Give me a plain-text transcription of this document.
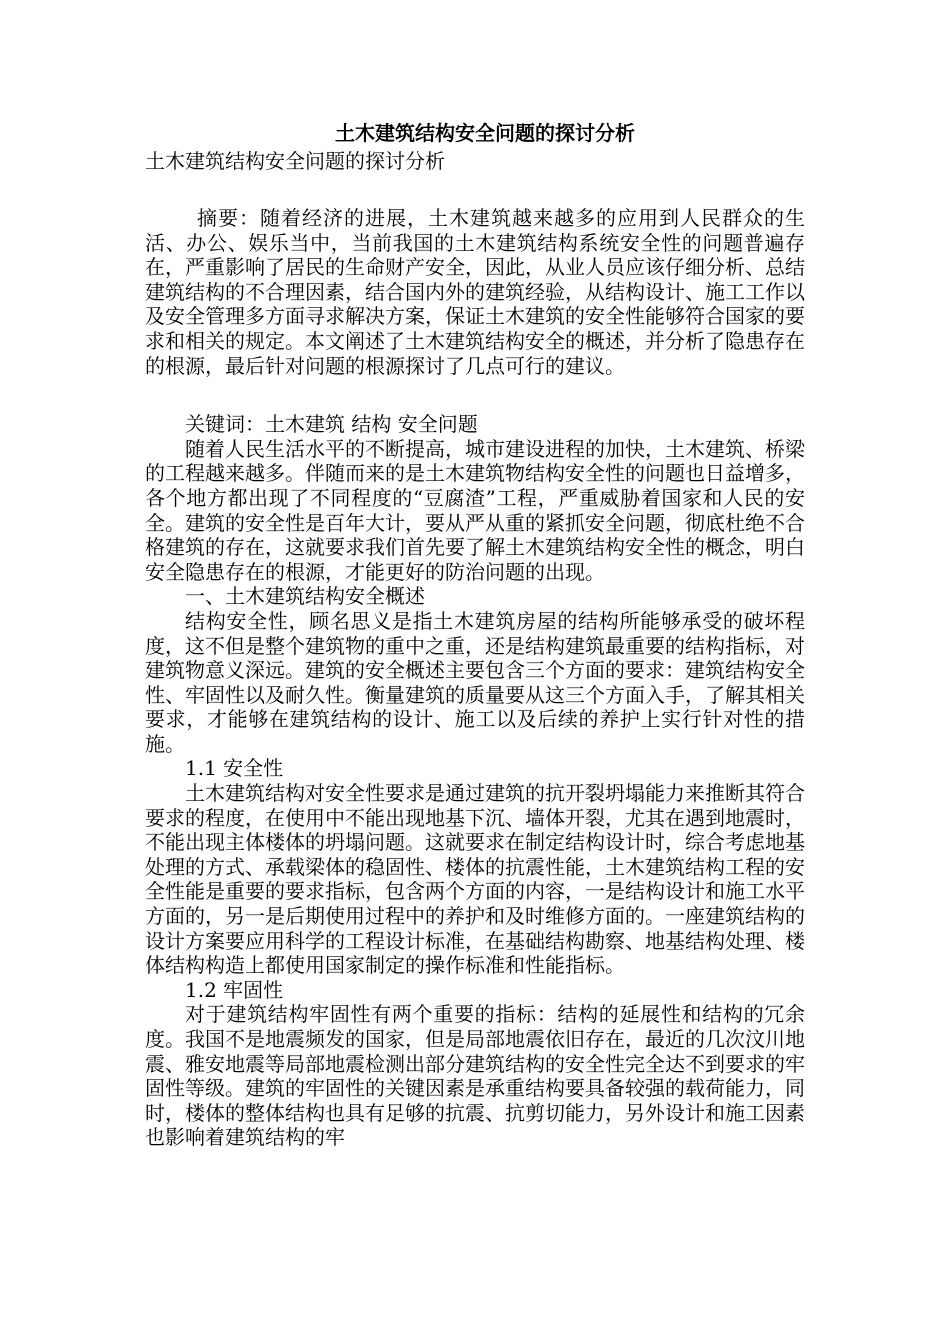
土木建筑结构安全问题的探讨分析

土木建筑结构安全问题的探讨分析

摘要：随着经济的进展，土木建筑越来越多的应用到人民群众的生活、办公、娱乐当中，当前我国的土木建筑结构系统安全性的问题普遍存在，严重影响了居民的生命财产安全，因此，从业人员应该仔细分析、总结建筑结构的不合理因素，结合国内外的建筑经验，从结构设计、施工工作以及安全管理多方面寻求解决方案，保证土木建筑的安全性能够符合国家的要求和相关的规定。本文阐述了土木建筑结构安全的概述，并分析了隐患存在的根源，最后针对问题的根源探讨了几点可行的建议。

关键词：土木建筑 结构 安全问题

随着人民生活水平的不断提高，城市建设进程的加快，土木建筑、桥梁的工程越来越多。伴随而来的是土木建筑物结构安全性的问题也日益增多，各个地方都出现了不同程度的“豆腐渣”工程，严重威胁着国家和人民的安全。建筑的安全性是百年大计，要从严从重的紧抓安全问题，彻底杜绝不合格建筑的存在，这就要求我们首先要了解土木建筑结构安全性的概念，明白安全隐患存在的根源，才能更好的防治问题的出现。

一、土木建筑结构安全概述

结构安全性，顾名思义是指土木建筑房屋的结构所能够承受的破坏程度，这不但是整个建筑物的重中之重，还是结构建筑最重要的结构指标，对建筑物意义深远。建筑的安全概述主要包含三个方面的要求：建筑结构安全性、牢固性以及耐久性。衡量建筑的质量要从这三个方面入手，了解其相关要求，才能够在建筑结构的设计、施工以及后续的养护上实行针对性的措施。

1.1 安全性

土木建筑结构对安全性要求是通过建筑的抗开裂坍塌能力来推断其符合要求的程度，在使用中不能出现地基下沉、墙体开裂，尤其在遇到地震时，不能出现主体楼体的坍塌问题。这就要求在制定结构设计时，综合考虑地基处理的方式、承载梁体的稳固性、楼体的抗震性能，土木建筑结构工程的安全性能是重要的要求指标，包含两个方面的内容，一是结构设计和施工水平方面的，另一是后期使用过程中的养护和及时维修方面的。一座建筑结构的设计方案要应用科学的工程设计标准，在基础结构勘察、地基结构处理、楼体结构构造上都使用国家制定的操作标准和性能指标。

1.2 牢固性

对于建筑结构牢固性有两个重要的指标：结构的延展性和结构的冗余度。我国不是地震频发的国家，但是局部地震依旧存在，最近的几次汶川地震、雅安地震等局部地震检测出部分建筑结构的安全性完全达不到要求的牢固性等级。建筑的牢固性的关键因素是承重结构要具备较强的载荷能力，同时，楼体的整体结构也具有足够的抗震、抗剪切能力，另外设计和施工因素也影响着建筑结构的牢
